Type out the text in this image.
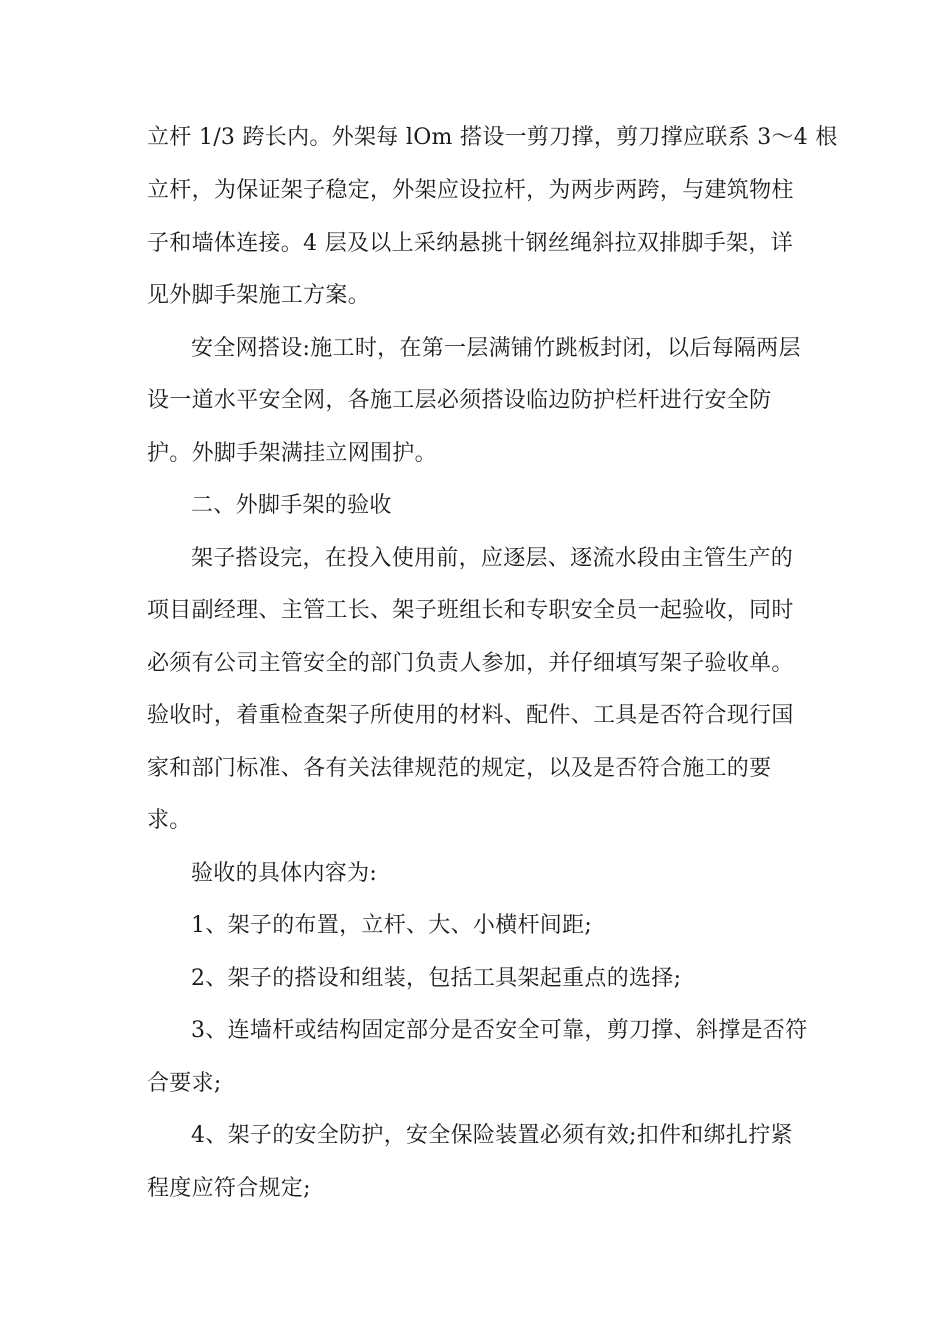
立杆 1/3 跨长内。外架每 lOm 搭设一剪刀撑，剪刀撑应联系 3～4 根
立杆，为保证架子稳定，外架应设拉杆，为两步两跨，与建筑物柱
子和墙体连接。4 层及以上采纳悬挑十钢丝绳斜拉双排脚手架，详
见外脚手架施工方案。
安全网搭设:施工时，在第一层满铺竹跳板封闭，以后每隔两层
设一道水平安全网，各施工层必须搭设临边防护栏杆进行安全防
护。外脚手架满挂立网围护。
二、外脚手架的验收
架子搭设完，在投入使用前，应逐层、逐流水段由主管生产的
项目副经理、主管工长、架子班组长和专职安全员一起验收，同时
必须有公司主管安全的部门负责人参加，并仔细填写架子验收单。
验收时，着重检查架子所使用的材料、配件、工具是否符合现行国
家和部门标准、各有关法律规范的规定，以及是否符合施工的要
求。
验收的具体内容为:
1、架子的布置，立杆、大、小横杆间距;
2、架子的搭设和组装，包括工具架起重点的选择;
3、连墙杆或结构固定部分是否安全可靠，剪刀撑、斜撑是否符
合要求;
4、架子的安全防护，安全保险装置必须有效;扣件和绑扎拧紧
程度应符合规定;
